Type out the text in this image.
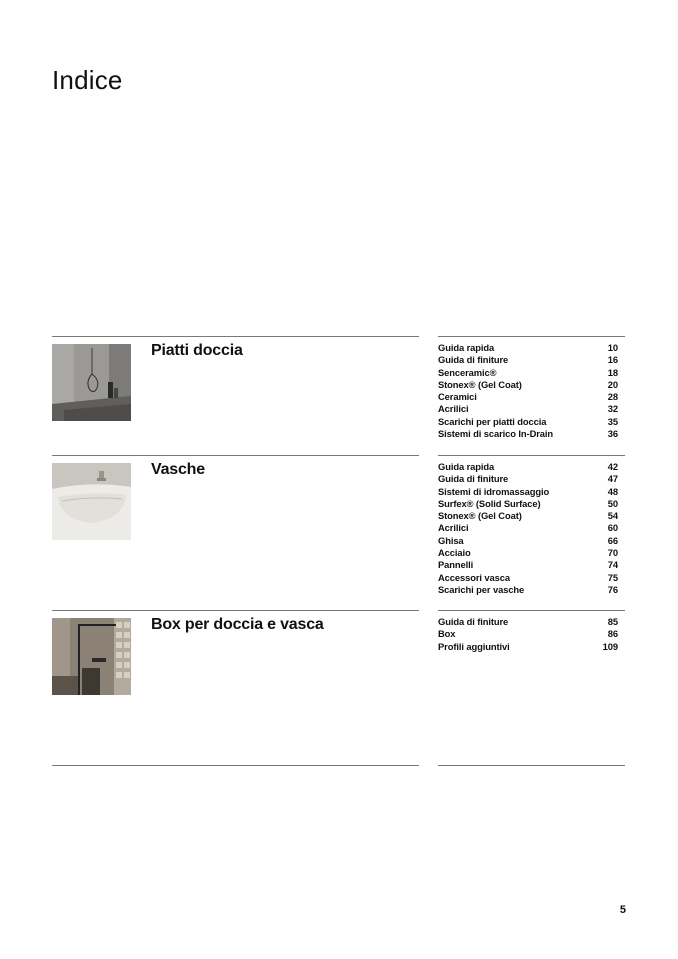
Indice
Piatti doccia	Guida rapida	10
Guida di finiture	16
Senceramic®	18
Stonex® (Gel Coat)	20
Ceramici	28
Acrilici	32
Scarichi per piatti doccia	35
Sistemi di scarico In-Drain	36
Vasche	Guida rapida	42
Guida di finiture	47
Sistemi di idromassaggio	48
Surfex® (Solid Surface)	50
Stonex® (Gel Coat)	54
Acrilici	60
Ghisa	66
Acciaio	70
Pannelli	74
Accessori vasca	75
Scarichi per vasche	76
Box per doccia e vasca	Guida di finiture	85
Box	86
Profili aggiuntivi	109
5
